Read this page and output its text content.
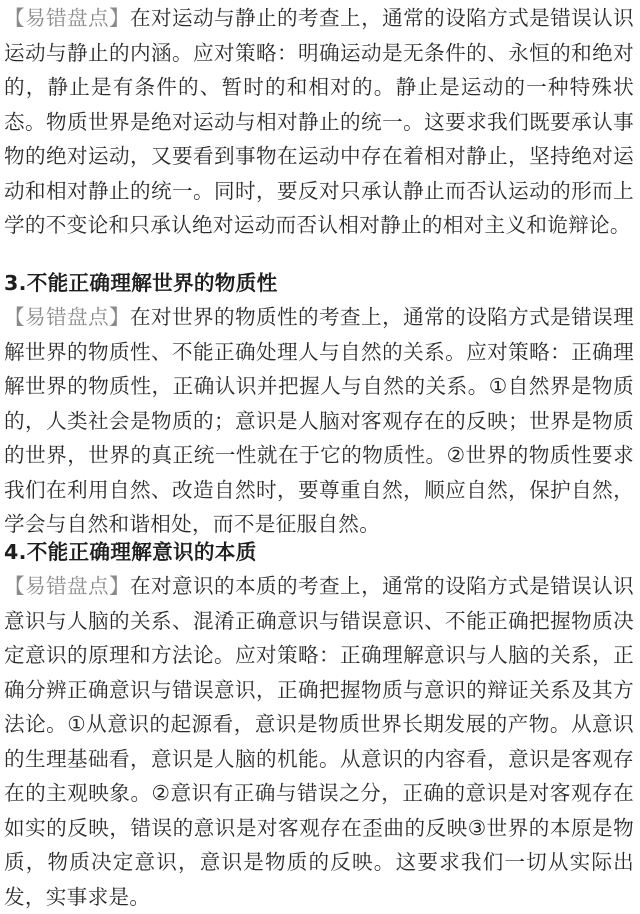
【易错盘点】在对运动与静止的考查上，通常的设陷方式是错误认识运动与静止的内涵。应对策略：明确运动是无条件的、永恒的和绝对的，静止是有条件的、暂时的和相对的。静止是运动的一种特殊状态。物质世界是绝对运动与相对静止的统一。这要求我们既要承认事物的绝对运动，又要看到事物在运动中存在着相对静止，坚持绝对运动和相对静止的统一。同时，要反对只承认静止而否认运动的形而上学的不变论和只承认绝对运动而否认相对静止的相对主义和诡辩论。
3.不能正确理解世界的物质性
【易错盘点】在对世界的物质性的考查上，通常的设陷方式是错误理解世界的物质性、不能正确处理人与自然的关系。应对策略：正确理解世界的物质性，正确认识并把握人与自然的关系。①自然界是物质的，人类社会是物质的；意识是人脑对客观存在的反映；世界是物质的世界，世界的真正统一性就在于它的物质性。②世界的物质性要求我们在利用自然、改造自然时，要尊重自然，顺应自然，保护自然，学会与自然和谐相处，而不是征服自然。
4.不能正确理解意识的本质
【易错盘点】在对意识的本质的考查上，通常的设陷方式是错误认识意识与人脑的关系、混淆正确意识与错误意识、不能正确把握物质决定意识的原理和方法论。应对策略：正确理解意识与人脑的关系，正确分辨正确意识与错误意识，正确把握物质与意识的辩证关系及其方法论。①从意识的起源看，意识是物质世界长期发展的产物。从意识的生理基础看，意识是人脑的机能。从意识的内容看，意识是客观存在的主观映象。②意识有正确与错误之分，正确的意识是对客观存在如实的反映，错误的意识是对客观存在歪曲的反映③世界的本原是物质，物质决定意识，意识是物质的反映。这要求我们一切从实际出发，实事求是。
